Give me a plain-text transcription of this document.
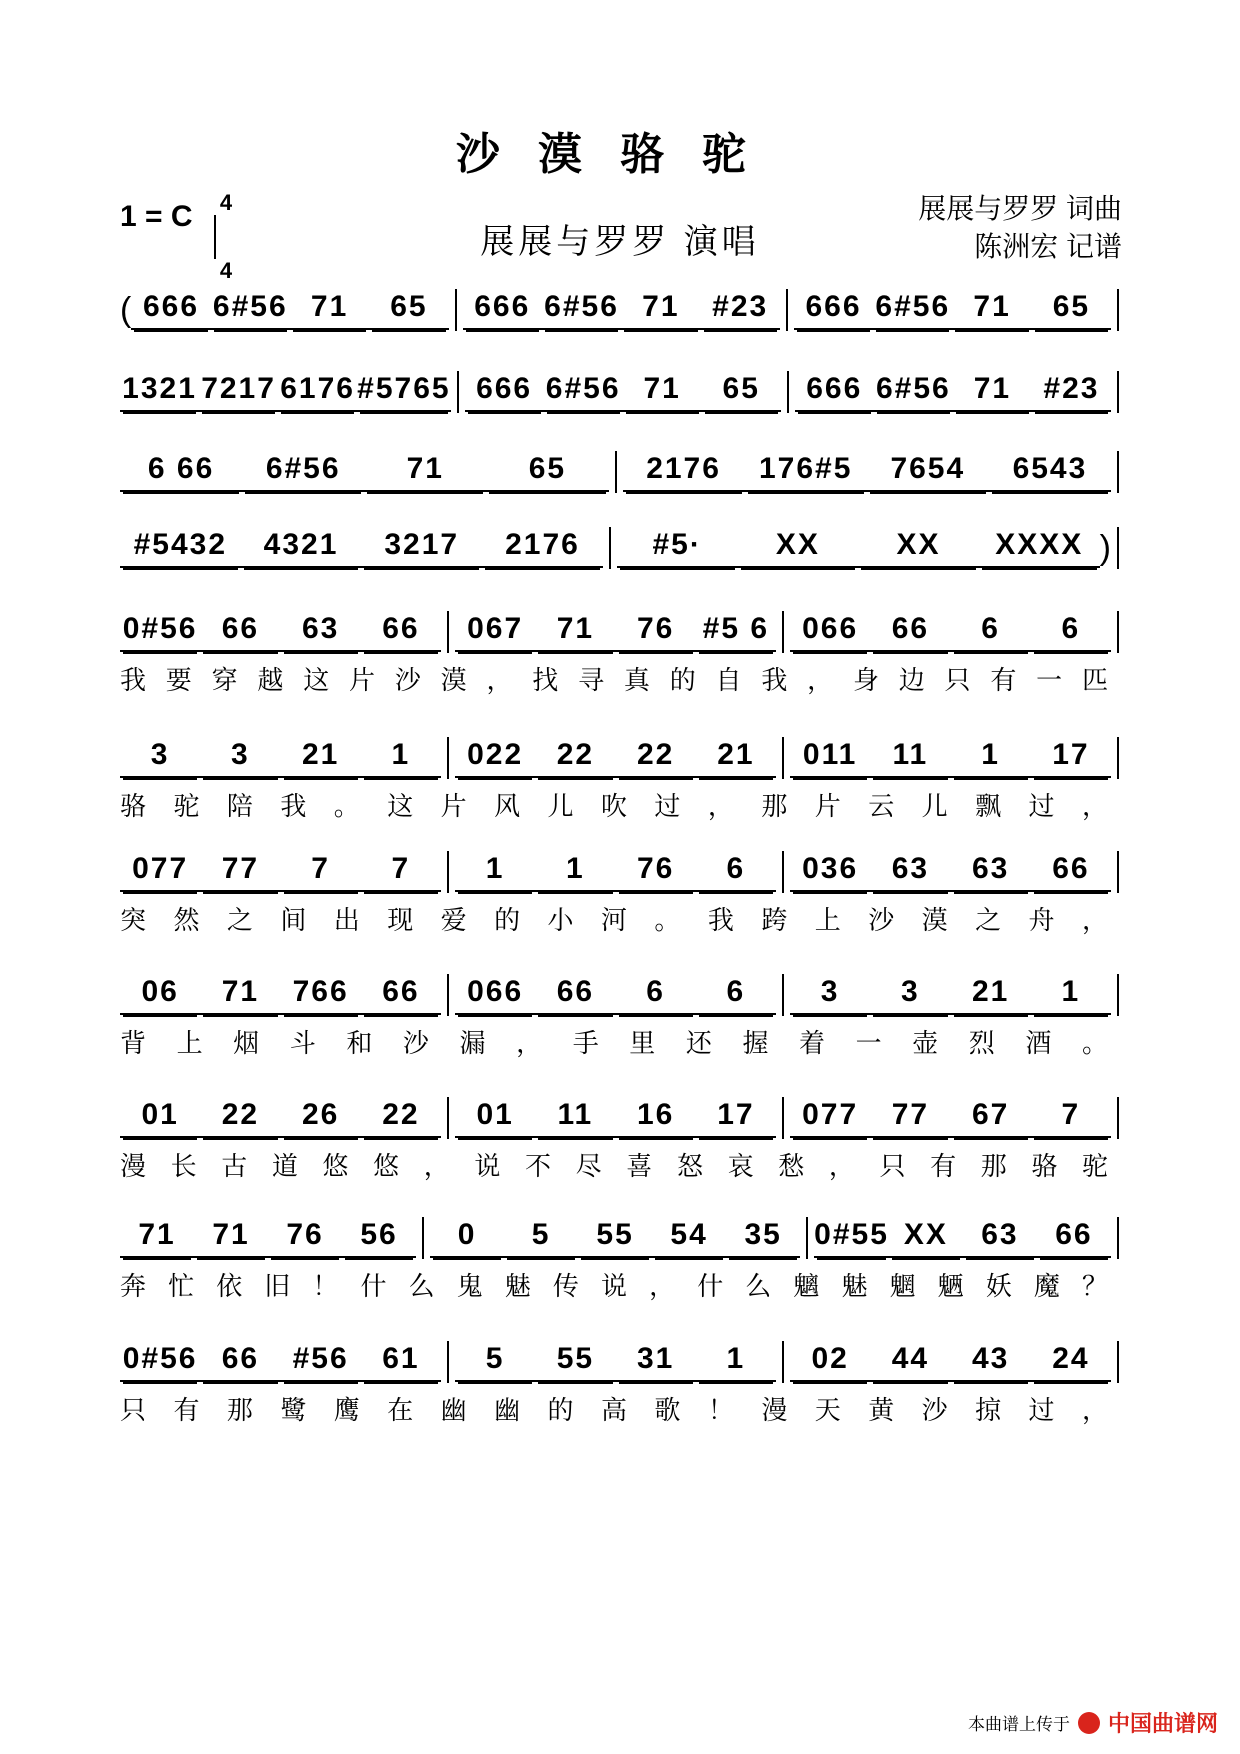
沙漠骆驼
1 = C 4
4
展展与罗罗 演唱
展展与罗罗 词曲
陈洲宏 记谱
( 666 6#56 71	65	666 6#56 71	#23	666 6#56 71	65
1321 7217 6176 #5765 666 6#56 71	65	666 6#56 71	#23
6 66	6#56	71	65	2176	176#5	7654	6543
#5432	4321	3217	2176	#5·	XX	XX	XXXX )
0#56 66	63	66	067	71	76 #5 6	066	66	6	6
我要穿越这片沙漠，找寻真的自我，身边只有一匹
3	3	21	1	022	22	22	21	011	11	1	17
骆驼陪我。这片风儿吹过，那片云儿飘过，
077	77	7	7	1	1	76	6	036	63	63	66
突然之间出现爱的小河。我跨上沙漠之舟，
06	71	766	66	066	66	6	6	3	3	21	1
背上烟斗和沙漏，手里还握着一壶烈酒。
01	22	26	22	01	11	16	17	077	77	67	7
漫长古道悠悠，说不尽喜怒哀愁，只有那骆驼
71	71	76	56	0	5	55	54	35	0#55 XX	63	66
奔忙依旧！什么鬼魅传说，什么魑魅魍魉妖魔？
0#56 66	#56	61	5	55	31	1	02	44	43	24
只有那鹭鹰在幽幽的高歌！漫天黄沙掠过，
本曲谱上传于 中国曲谱网
